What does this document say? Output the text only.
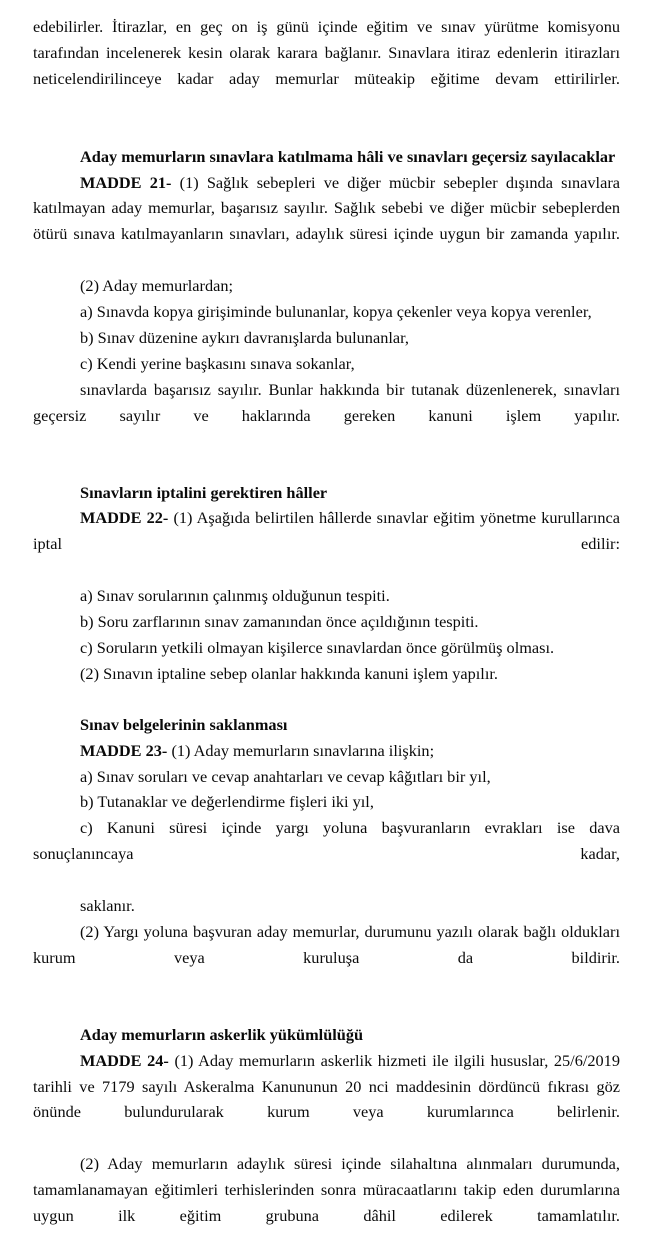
edebilirler. İtirazlar, en geç on iş günü içinde eğitim ve sınav yürütme komisyonu tarafından incelenerek kesin olarak karara bağlanır. Sınavlara itiraz edenlerin itirazları neticelendirilinceye kadar aday memurlar müteakip eğitime devam ettirilirler.

Aday memurların sınavlara katılmama hâli ve sınavları geçersiz sayılacaklar

MADDE 21- (1) Sağlık sebepleri ve diğer mücbir sebepler dışında sınavlara katılmayan aday memurlar, başarısız sayılır. Sağlık sebebi ve diğer mücbir sebeplerden ötürü sınava katılmayanların sınavları, adaylık süresi içinde uygun bir zamanda yapılır.

(2) Aday memurlardan;

a) Sınavda kopya girişiminde bulunanlar, kopya çekenler veya kopya verenler,

b) Sınav düzenine aykırı davranışlarda bulunanlar,

c) Kendi yerine başkasını sınava sokanlar,

sınavlarda başarısız sayılır. Bunlar hakkında bir tutanak düzenlenerek, sınavları geçersiz sayılır ve haklarında gereken kanuni işlem yapılır.

Sınavların iptalini gerektiren hâller

MADDE 22- (1) Aşağıda belirtilen hâllerde sınavlar eğitim yönetme kurullarınca iptal edilir:

a) Sınav sorularının çalınmış olduğunun tespiti.

b) Soru zarflarının sınav zamanından önce açıldığının tespiti.

c) Soruların yetkili olmayan kişilerce sınavlardan önce görülmüş olması.

(2) Sınavın iptaline sebep olanlar hakkında kanuni işlem yapılır.

Sınav belgelerinin saklanması

MADDE 23- (1) Aday memurların sınavlarına ilişkin;

a) Sınav soruları ve cevap anahtarları ve cevap kâğıtları bir yıl,

b) Tutanaklar ve değerlendirme fişleri iki yıl,

c) Kanuni süresi içinde yargı yoluna başvuranların evrakları ise dava sonuçlanıncaya kadar,

saklanır.

(2) Yargı yoluna başvuran aday memurlar, durumunu yazılı olarak bağlı oldukları kurum veya kuruluşa da bildirir.

Aday memurların askerlik yükümlülüğü

MADDE 24- (1) Aday memurların askerlik hizmeti ile ilgili hususlar, 25/6/2019 tarihli ve 7179 sayılı Askeralma Kanununun 20 nci maddesinin dördüncü fıkrası göz önünde bulundurularak kurum veya kurumlarınca belirlenir.

(2) Aday memurların adaylık süresi içinde silahaltına alınmaları durumunda, tamamlanamayan eğitimleri terhislerinden sonra müracaatlarını takip eden durumlarına uygun ilk eğitim grubuna dâhil edilerek tamamlatılır.
